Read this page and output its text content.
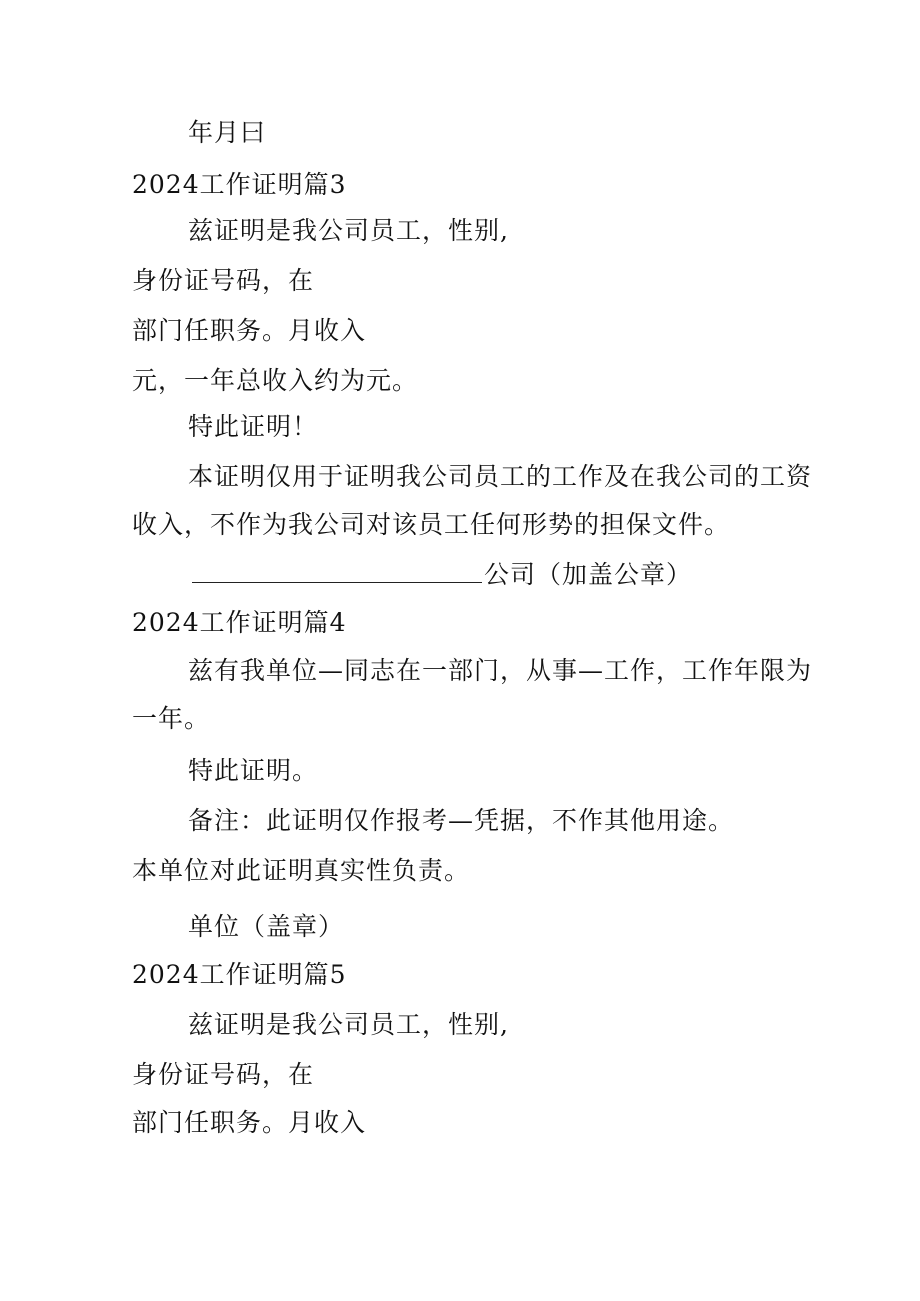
年月曰
2024工作证明篇3
兹证明是我公司员工，性别,
身份证号码，在
部门任职务。月收入
元，一年总收入约为元。
特此证明！
本证明仅用于证明我公司员工的工作及在我公司的工资
收入，不作为我公司对该员工任何形势的担保文件。
公司（加盖公章）
2024工作证明篇4
兹有我单位—同志在一部门，从事—工作，工作年限为
一年。
特此证明。
备注：此证明仅作报考—凭据，不作其他用途。
本单位对此证明真实性负责。
单位（盖章）
2024工作证明篇5
兹证明是我公司员工，性别,
身份证号码，在
部门任职务。月收入
